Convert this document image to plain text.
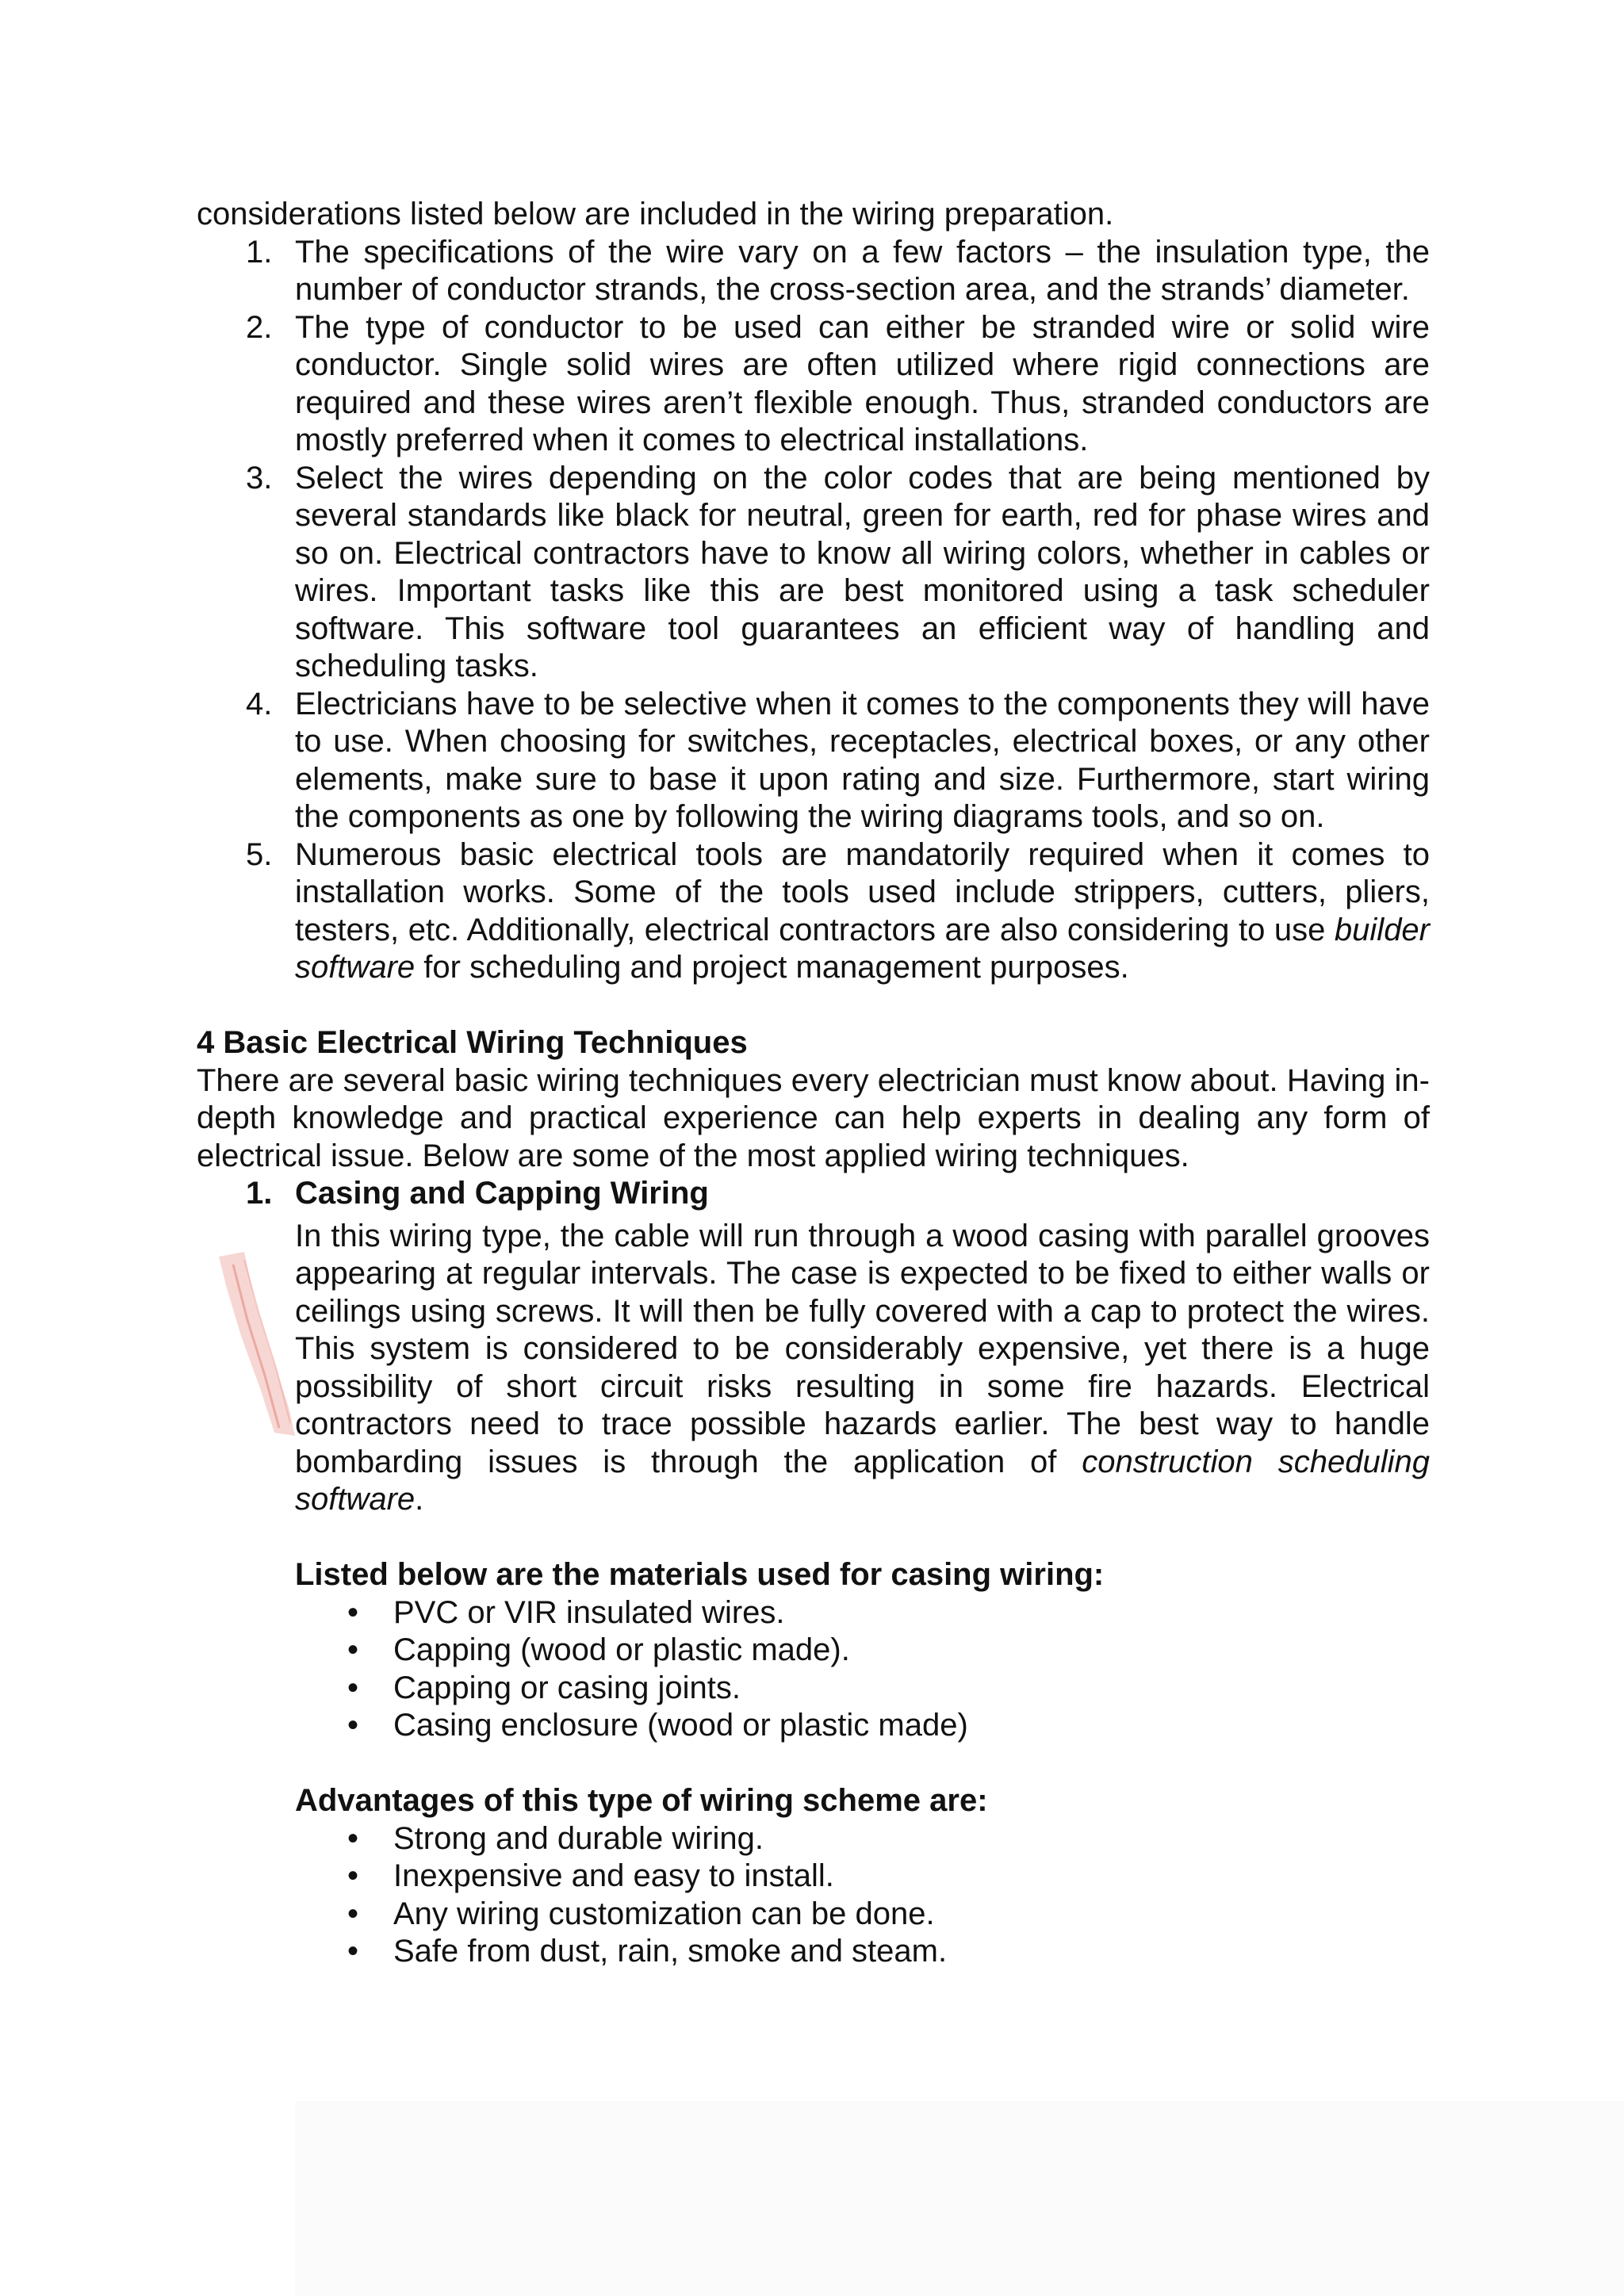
considerations listed below are included in the wiring preparation.

1. The specifications of the wire vary on a few factors – the insulation type, the number of conductor strands, the cross-section area, and the strands’ diameter.

2. The type of conductor to be used can either be stranded wire or solid wire conductor. Single solid wires are often utilized where rigid connections are required and these wires aren’t flexible enough. Thus, stranded conductors are mostly preferred when it comes to electrical installations.

3. Select the wires depending on the color codes that are being mentioned by several standards like black for neutral, green for earth, red for phase wires and so on. Electrical contractors have to know all wiring colors, whether in cables or wires. Important tasks like this are best monitored using a task scheduler software. This software tool guarantees an efficient way of handling and scheduling tasks.

4. Electricians have to be selective when it comes to the components they will have to use. When choosing for switches, receptacles, electrical boxes, or any other elements, make sure to base it upon rating and size. Furthermore, start wiring the components as one by following the wiring diagrams tools, and so on.

5. Numerous basic electrical tools are mandatorily required when it comes to installation works. Some of the tools used include strippers, cutters, pliers, testers, etc. Additionally, electrical contractors are also considering to use builder software for scheduling and project management purposes.

4 Basic Electrical Wiring Techniques

There are several basic wiring techniques every electrician must know about. Having in-depth knowledge and practical experience can help experts in dealing any form of electrical issue. Below are some of the most applied wiring techniques.

1. Casing and Capping Wiring

In this wiring type, the cable will run through a wood casing with parallel grooves appearing at regular intervals. The case is expected to be fixed to either walls or ceilings using screws. It will then be fully covered with a cap to protect the wires. This system is considered to be considerably expensive, yet there is a huge possibility of short circuit risks resulting in some fire hazards. Electrical contractors need to trace possible hazards earlier. The best way to handle bombarding issues is through the application of construction scheduling software.

Listed below are the materials used for casing wiring:

• PVC or VIR insulated wires.
• Capping (wood or plastic made).
• Capping or casing joints.
• Casing enclosure (wood or plastic made)

Advantages of this type of wiring scheme are:

• Strong and durable wiring.
• Inexpensive and easy to install.
• Any wiring customization can be done.
• Safe from dust, rain, smoke and steam.
